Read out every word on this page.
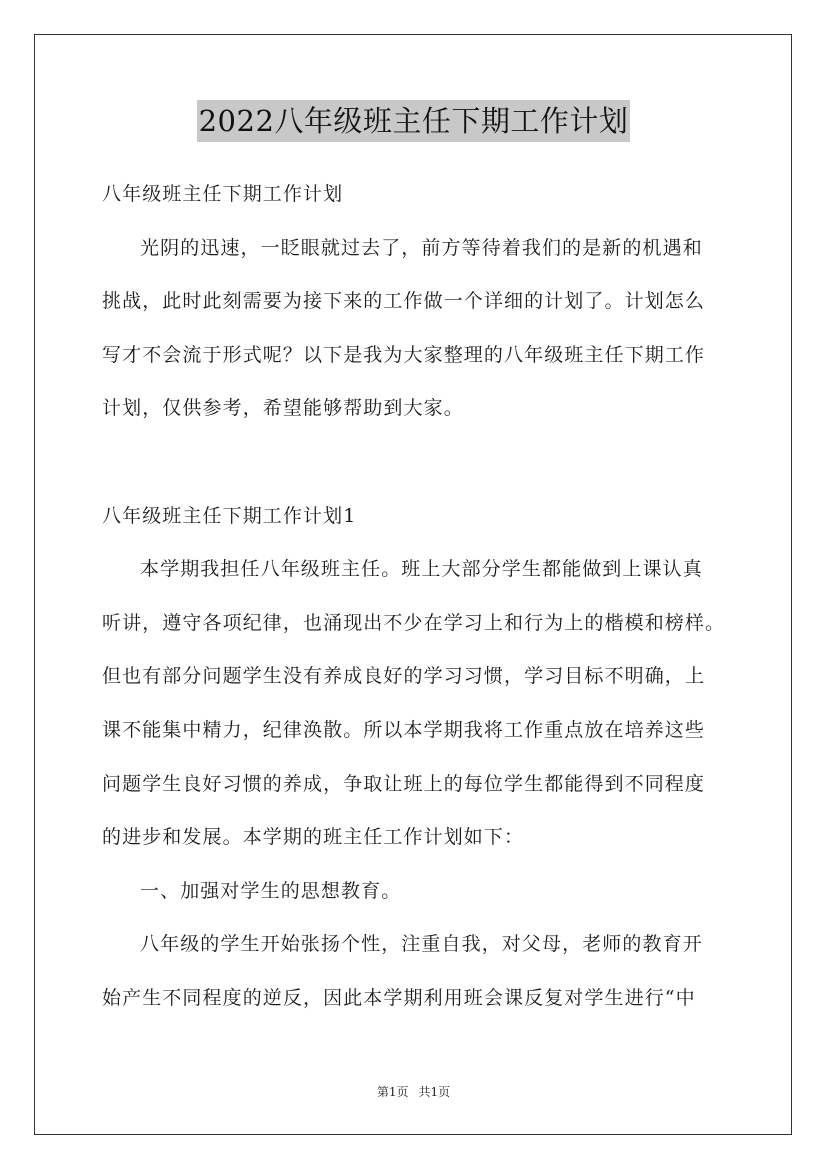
2022八年级班主任下期工作计划

八年级班主任下期工作计划

光阴的迅速，一眨眼就过去了，前方等待着我们的是新的机遇和

挑战，此时此刻需要为接下来的工作做一个详细的计划了。计划怎么

写才不会流于形式呢？以下是我为大家整理的八年级班主任下期工作

计划，仅供参考，希望能够帮助到大家。

八年级班主任下期工作计划1

本学期我担任八年级班主任。班上大部分学生都能做到上课认真

听讲，遵守各项纪律，也涌现出不少在学习上和行为上的楷模和榜样。

但也有部分问题学生没有养成良好的学习习惯，学习目标不明确，上

课不能集中精力，纪律涣散。所以本学期我将工作重点放在培养这些

问题学生良好习惯的养成，争取让班上的每位学生都能得到不同程度

的进步和发展。本学期的班主任工作计划如下：

一、加强对学生的思想教育。

八年级的学生开始张扬个性，注重自我，对父母，老师的教育开

始产生不同程度的逆反，因此本学期利用班会课反复对学生进行“中

第1页 共1页
